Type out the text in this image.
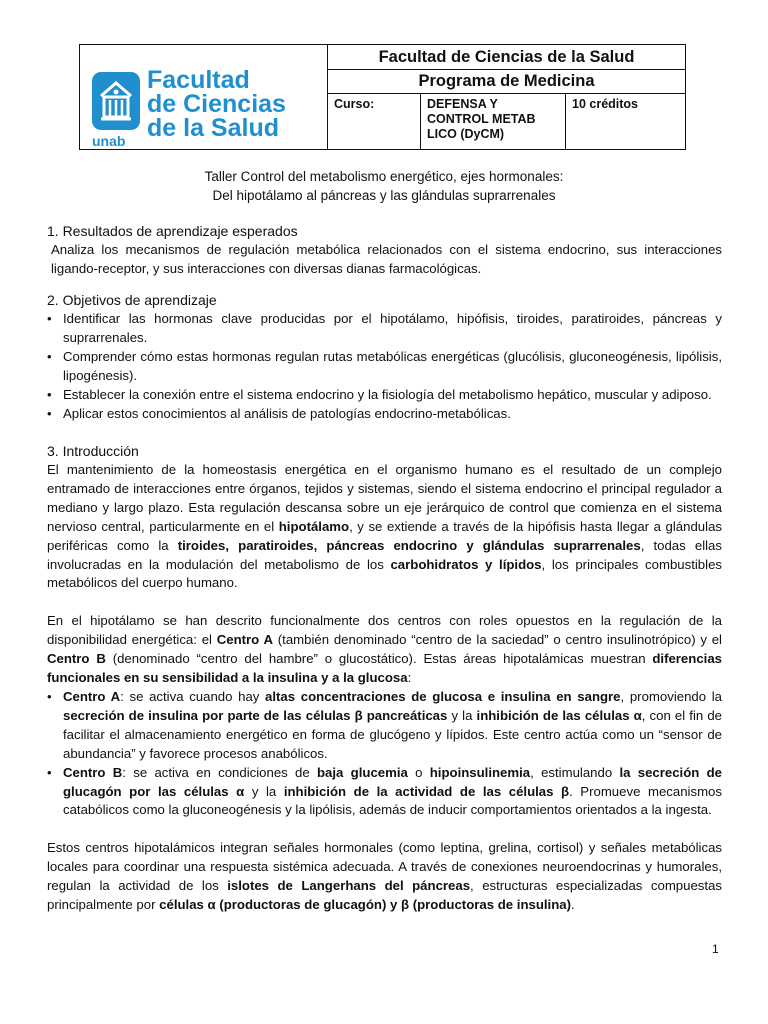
unab
Facultad
de Ciencias
de la Salud
Facultad de Ciencias de la Salud
Programa de Medicina
Curso:	DEFENSA Y CONTROL METAB LICO (DyCM)
10 créditos
Taller Control del metabolismo energético, ejes hormonales:
Del hipotálamo al páncreas y las glándulas suprarrenales
1. Resultados de aprendizaje esperados

Analiza los mecanismos de regulación metabólica relacionados con el sistema endocrino, sus interacciones ligando-receptor, y sus interacciones con diversas dianas farmacológicas.

2. Objetivos de aprendizaje
• Identificar las hormonas clave producidas por el hipotálamo, hipófisis, tiroides, paratiroides, páncreas y suprarrenales.
• Comprender cómo estas hormonas regulan rutas metabólicas energéticas (glucólisis, gluconeogénesis, lipólisis, lipogénesis).
• Establecer la conexión entre el sistema endocrino y la fisiología del metabolismo hepático, muscular y adiposo.
• Aplicar estos conocimientos al análisis de patologías endocrino-metabólicas.
3. Introducción

El mantenimiento de la homeostasis energética en el organismo humano es el resultado de un complejo entramado de interacciones entre órganos, tejidos y sistemas, siendo el sistema endocrino el principal regulador a mediano y largo plazo. Esta regulación descansa sobre un eje jerárquico de control que comienza en el sistema nervioso central, particularmente en el hipotálamo, y se extiende a través de la hipófisis hasta llegar a glándulas periféricas como la tiroides, paratiroides, páncreas endocrino y glándulas suprarrenales, todas ellas involucradas en la modulación del metabolismo de los carbohidratos y lípidos, los principales combustibles metabólicos del cuerpo humano.

En el hipotálamo se han descrito funcionalmente dos centros con roles opuestos en la regulación de la disponibilidad energética: el Centro A (también denominado “centro de la saciedad” o centro insulinotrópico) y el Centro B (denominado “centro del hambre” o glucostático). Estas áreas hipotalámicas muestran diferencias funcionales en su sensibilidad a la insulina y a la glucosa:

• Centro A: se activa cuando hay altas concentraciones de glucosa e insulina en sangre, promoviendo la secreción de insulina por parte de las células β pancreáticas y la inhibición de las células α, con el fin de facilitar el almacenamiento energético en forma de glucógeno y lípidos. Este centro actúa como un “sensor de abundancia” y favorece procesos anabólicos.
• Centro B: se activa en condiciones de baja glucemia o hipoinsulinemia, estimulando la secreción de glucagón por las células α y la inhibición de la actividad de las células β. Promueve mecanismos catabólicos como la gluconeogénesis y la lipólisis, además de inducir comportamientos orientados a la ingesta.

Estos centros hipotalámicos integran señales hormonales (como leptina, grelina, cortisol) y señales metabólicas locales para coordinar una respuesta sistémica adecuada. A través de conexiones neuroendocrinas y humorales, regulan la actividad de los islotes de Langerhans del páncreas, estructuras especializadas compuestas principalmente por células α (productoras de glucagón) y β (productoras de insulina).

1
